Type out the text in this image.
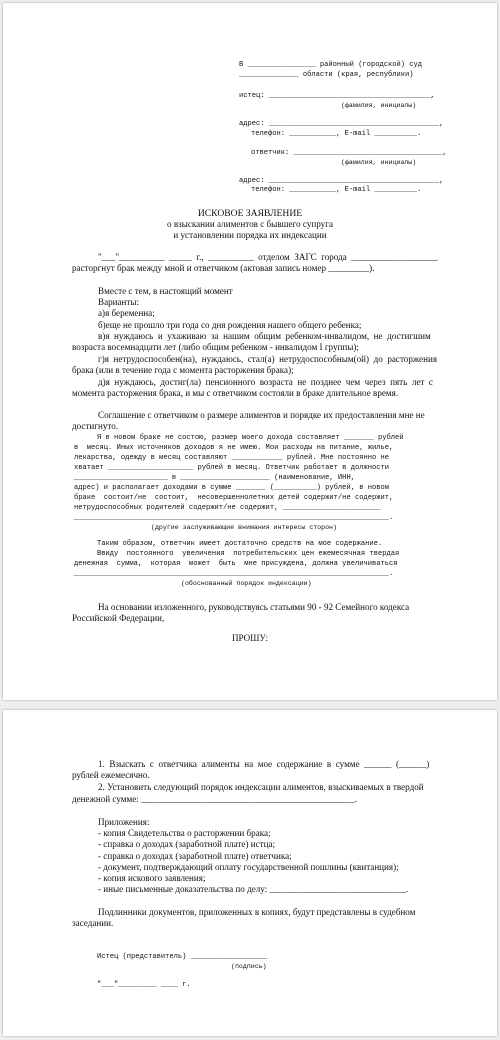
В ________________ районный (городской) суд
______________ области (края, республики)
истец: ______________________________________,
(фамилия, инициалы)
адрес: ________________________________________,
телефон: ___________, E-mail __________.
ответчик: ___________________________________,
(фамилия, инициалы)
адрес: ________________________________________,
телефон: ___________, E-mail __________.
ИСКОВОЕ ЗАЯВЛЕНИЕ
о взыскании алиментов с бывшего супруга
и установлении порядка их индексации
"___"__________  _____  г.,  __________  отделом  ЗАГС  города  ___________________
расторгнут брак между мной и ответчиком (актовая запись номер _________).
Вместе с тем, в настоящий момент
Варианты:
а)я беременна;
б)еще не прошло три года со дня рождения нашего общего ребенка;
в)я  нуждаюсь  и  ухаживаю  за  нашим  общим  ребенком-инвалидом,  не  достигшим
возраста восемнадцати лет (либо общим ребенком - инвалидом I группы);
г)я  нетрудоспособен(на),  нуждаюсь,  стал(а)  нетрудоспособным(ой)  до  расторжения
брака (или в течение года с момента расторжения брака);
д)я  нуждаюсь,  достиг(ла)  пенсионного  возраста  не  позднее  чем  через  пять  лет  с
момента расторжения брака, и мы с ответчиком состояли в браке длительное время.
Соглашение с ответчиком о размере алиментов и порядке их предоставления мне не
достигнуто.
Я в новом браке не состою, размер моего дохода составляет _______ рублей
в  месяц. Иных источников доходов я не имею. Мои расходы на питание, жилье,
лекарства, одежду в месяц составляют ____________ рублей. Мне постоянно не
хватает ____________________ рублей в месяц. Ответчик работает в должности
______________________ в _____________________ (наименование, ИНН,
адрес) и располагает доходами в сумме _______ (__________) рублей, в новом
браке  состоит/не  состоит,  несовершеннолетних детей содержит/не содержит,
нетрудоспособных родителей содержит/не содержит, _______________________
__________________________________________________________________________.
(другие заслуживающие внимания интересы сторон)
Таким образом, ответчик имеет достаточно средств на мое содержание.
Ввиду  постоянного  увеличения  потребительских цен ежемесячная твердая
денежная  сумма,  которая  может  быть  мне присуждена, должна увеличиваться
__________________________________________________________________________.
(обоснованный порядок индексации)
На основании изложенного, руководствуясь статьями 90 - 92 Семейного кодекса
Российской Федерации,
ПРОШУ:
1.  Взыскать  с  ответчика  алименты  на  мое  содержание  в  сумме  ______  (______)
рублей ежемесячно.
2. Установить следующий порядок индексации алиментов, взыскиваемых в твердой
денежной сумме: _______________________________________________.
Приложения:
- копия Свидетельства о расторжении брака;
- справка о доходах (заработной плате) истца;
- справка о доходах (заработной плате) ответчика;
- документ, подтверждающий оплату государственной пошлины (квитанция);
- копия искового заявления;
- иные письменные доказательства по делу: ______________________________.
Подлинники документов, приложенных в копиях, будут представлены в судебном
заседании.
Истец (представитель) __________________
(подпись)
"___"_________ ____ г.
